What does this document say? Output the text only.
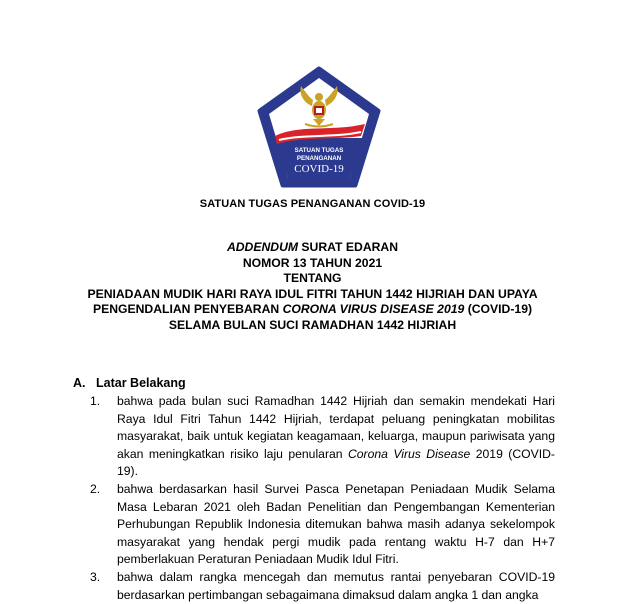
SATUAN TUGAS
PENANGANAN
COVID-19
SATUAN TUGAS PENANGANAN COVID-19
ADDENDUM SURAT EDARAN
NOMOR 13 TAHUN 2021
TENTANG
PENIADAAN MUDIK HARI RAYA IDUL FITRI TAHUN 1442 HIJRIAH DAN UPAYA
PENGENDALIAN PENYEBARAN CORONA VIRUS DISEASE 2019 (COVID-19)
SELAMA BULAN SUCI RAMADHAN 1442 HIJRIAH
A. Latar Belakang
1. bahwa pada bulan suci Ramadhan 1442 Hijriah dan semakin mendekati Hari Raya Idul Fitri Tahun 1442 Hijriah, terdapat peluang peningkatan mobilitas masyarakat, baik untuk kegiatan keagamaan, keluarga, maupun pariwisata yang akan meningkatkan risiko laju penularan Corona Virus Disease 2019 (COVID-19).

2. bahwa berdasarkan hasil Survei Pasca Penetapan Peniadaan Mudik Selama Masa Lebaran 2021 oleh Badan Penelitian dan Pengembangan Kementerian Perhubungan Republik Indonesia ditemukan bahwa masih adanya sekelompok masyarakat yang hendak pergi mudik pada rentang waktu H-7 dan H+7 pemberlakuan Peraturan Peniadaan Mudik Idul Fitri.

3. bahwa dalam rangka mencegah dan memutus rantai penyebaran COVID-19 berdasarkan pertimbangan sebagaimana dimaksud dalam angka 1 dan angka
